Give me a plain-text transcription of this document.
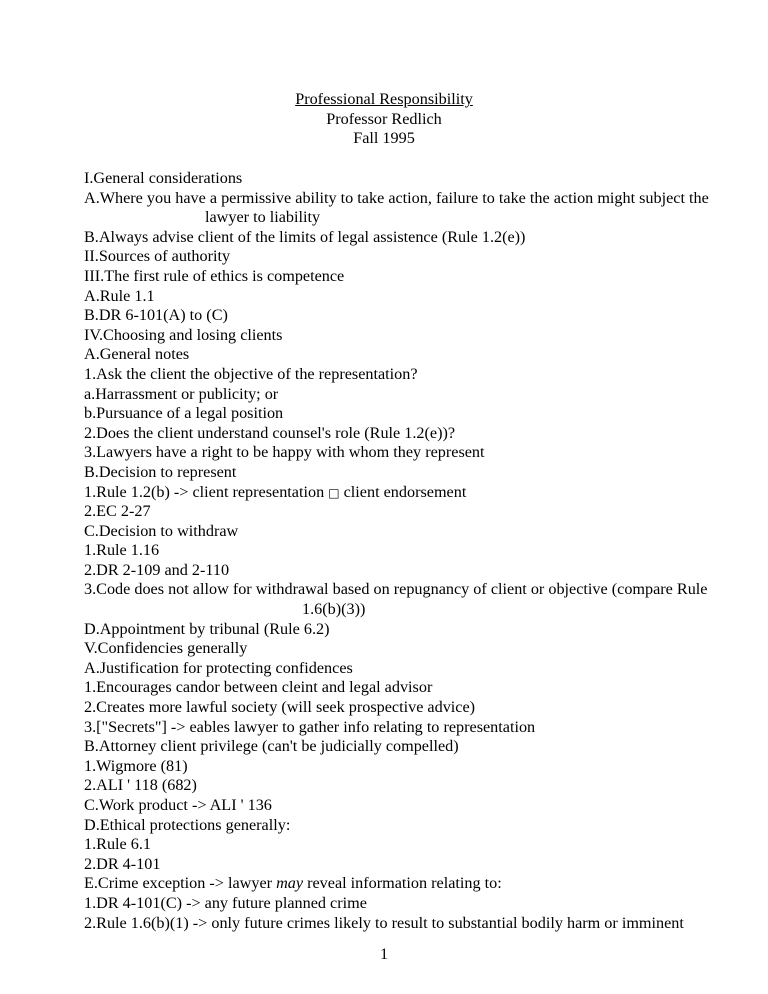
Professional Responsibility
Professor Redlich
Fall 1995
I.General considerations
A.Where you have a permissive ability to take action, failure to take the action might subject the
lawyer to liability
B.Always advise client of the limits of legal assistence (Rule 1.2(e))
II.Sources of authority
III.The first rule of ethics is competence
A.Rule 1.1
B.DR 6-101(A) to (C)
IV.Choosing and losing clients
A.General notes
1.Ask the client the objective of the representation?
a.Harrassment or publicity; or
b.Pursuance of a legal position
2.Does the client understand counsel's role (Rule 1.2(e))?
3.Lawyers have a right to be happy with whom they represent
B.Decision to represent
1.Rule 1.2(b) -> client representation □ client endorsement
2.EC 2-27
C.Decision to withdraw
1.Rule 1.16
2.DR 2-109 and 2-110
3.Code does not allow for withdrawal based on repugnancy of client or objective (compare Rule
1.6(b)(3))
D.Appointment by tribunal (Rule 6.2)
V.Confidencies generally
A.Justification for protecting confidences
1.Encourages candor between cleint and legal advisor
2.Creates more lawful society (will seek prospective advice)
3.["Secrets"] -> eables lawyer to gather info relating to representation
B.Attorney client privilege (can't be judicially compelled)
1.Wigmore (81)
2.ALI ' 118 (682)
C.Work product -> ALI ' 136
D.Ethical protections generally:
1.Rule 6.1
2.DR 4-101
E.Crime exception -> lawyer may reveal information relating to:
1.DR 4-101(C) -> any future planned crime
2.Rule 1.6(b)(1) -> only future crimes likely to result to substantial bodily harm or imminent
1
